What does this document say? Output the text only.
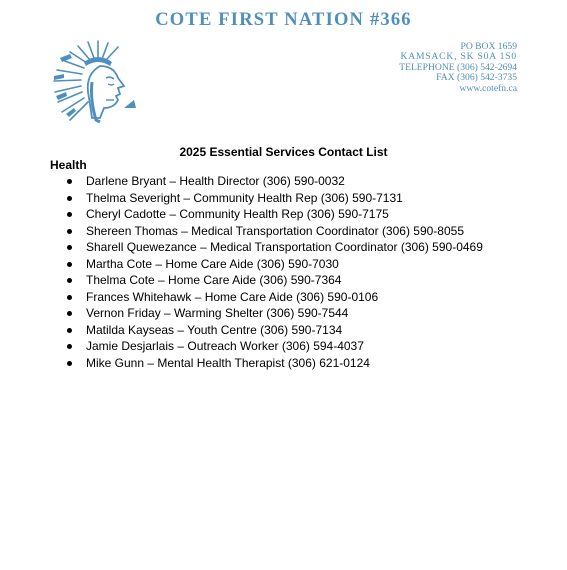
COTE FIRST NATION #366
PO BOX 1659
KAMSACK, SK S0A 1S0
TELEPHONE (306) 542-2694
FAX (306) 542-3735
www.cotefn.ca
2025 Essential Services Contact List
Health
Darlene Bryant – Health Director (306) 590-0032
Thelma Severight – Community Health Rep (306) 590-7131
Cheryl Cadotte – Community Health Rep (306) 590-7175
Shereen Thomas – Medical Transportation Coordinator (306) 590-8055
Sharell Quewezance – Medical Transportation Coordinator (306) 590-0469
Martha Cote – Home Care Aide (306) 590-7030
Thelma Cote – Home Care Aide (306) 590-7364
Frances Whitehawk – Home Care Aide (306) 590-0106
Vernon Friday – Warming Shelter (306) 590-7544
Matilda Kayseas – Youth Centre (306) 590-7134
Jamie Desjarlais – Outreach Worker (306) 594-4037
Mike Gunn – Mental Health Therapist (306) 621-0124
